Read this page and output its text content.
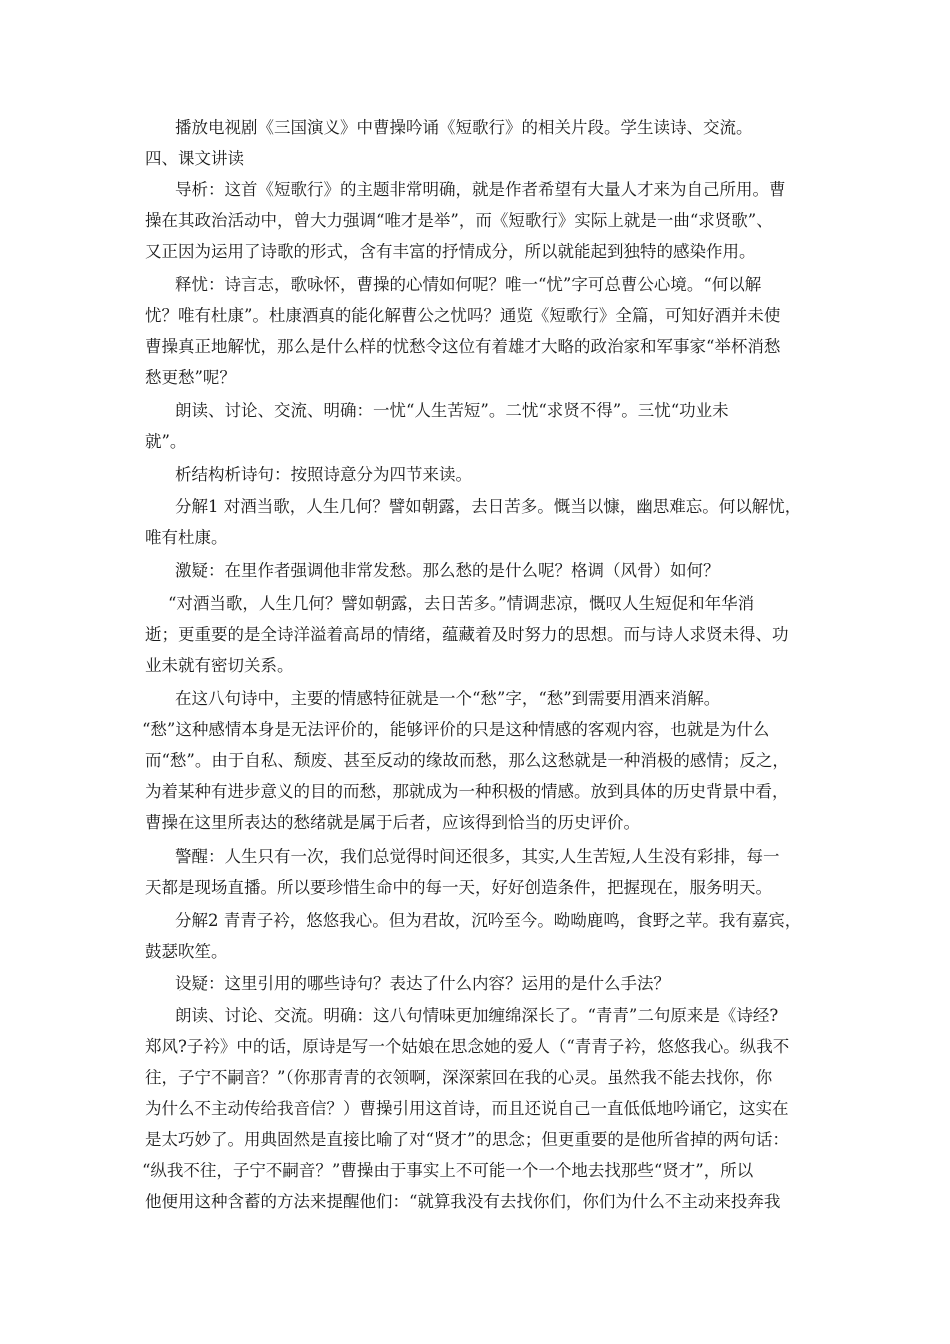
播放电视剧《三国演义》中曹操吟诵《短歌行》的相关片段。学生读诗、交流。
四、课文讲读
导析：这首《短歌行》的主题非常明确，就是作者希望有大量人才来为自己所用。曹
操在其政治活动中，曾大力强调“唯才是举”，而《短歌行》实际上就是一曲“求贤歌”、
又正因为运用了诗歌的形式，含有丰富的抒情成分，所以就能起到独特的感染作用。
释忧：诗言志，歌咏怀，曹操的心情如何呢？唯一“忧”字可总曹公心境。“何以解
忧？唯有杜康”。杜康酒真的能化解曹公之忧吗？通览《短歌行》全篇，可知好酒并未使
曹操真正地解忧，那么是什么样的忧愁令这位有着雄才大略的政治家和军事家“举杯消愁
愁更愁”呢？
朗读、讨论、交流、明确：一忧“人生苦短”。二忧“求贤不得”。三忧“功业未
就”。
析结构析诗句：按照诗意分为四节来读。
分解1 对酒当歌，人生几何？譬如朝露，去日苦多。慨当以慷，幽思难忘。何以解忧，
唯有杜康。
激疑：在里作者强调他非常发愁。那么愁的是什么呢？格调（风骨）如何？
“对酒当歌，人生几何？譬如朝露，去日苦多。”情调悲凉，慨叹人生短促和年华消
逝；更重要的是全诗洋溢着高昂的情绪，蕴藏着及时努力的思想。而与诗人求贤未得、功
业未就有密切关系。
在这八句诗中，主要的情感特征就是一个“愁”字，“愁”到需要用酒来消解。
“愁”这种感情本身是无法评价的，能够评价的只是这种情感的客观内容，也就是为什么
而“愁”。由于自私、颓废、甚至反动的缘故而愁，那么这愁就是一种消极的感情；反之，
为着某种有进步意义的目的而愁，那就成为一种积极的情感。放到具体的历史背景中看，
曹操在这里所表达的愁绪就是属于后者，应该得到恰当的历史评价。
警醒：人生只有一次，我们总觉得时间还很多，其实,人生苦短,人生没有彩排，每一
天都是现场直播。所以要珍惜生命中的每一天，好好创造条件，把握现在，服务明天。
分解2 青青子衿，悠悠我心。但为君故，沉吟至今。呦呦鹿鸣，食野之苹。我有嘉宾，
鼓瑟吹笙。
设疑：这里引用的哪些诗句？表达了什么内容？运用的是什么手法？
朗读、讨论、交流。明确：这八句情味更加缠绵深长了。“青青”二句原来是《诗经?
郑风?子衿》中的话，原诗是写一个姑娘在思念她的爱人（“青青子衿，悠悠我心。纵我不
往，子宁不嗣音？”（你那青青的衣领啊，深深萦回在我的心灵。虽然我不能去找你，你
为什么不主动传给我音信？）曹操引用这首诗，而且还说自己一直低低地吟诵它，这实在
是太巧妙了。用典固然是直接比喻了对“贤才”的思念；但更重要的是他所省掉的两句话：
“纵我不往，子宁不嗣音？”曹操由于事实上不可能一个一个地去找那些“贤才”，所以
他便用这种含蓄的方法来提醒他们：“就算我没有去找你们，你们为什么不主动来投奔我
